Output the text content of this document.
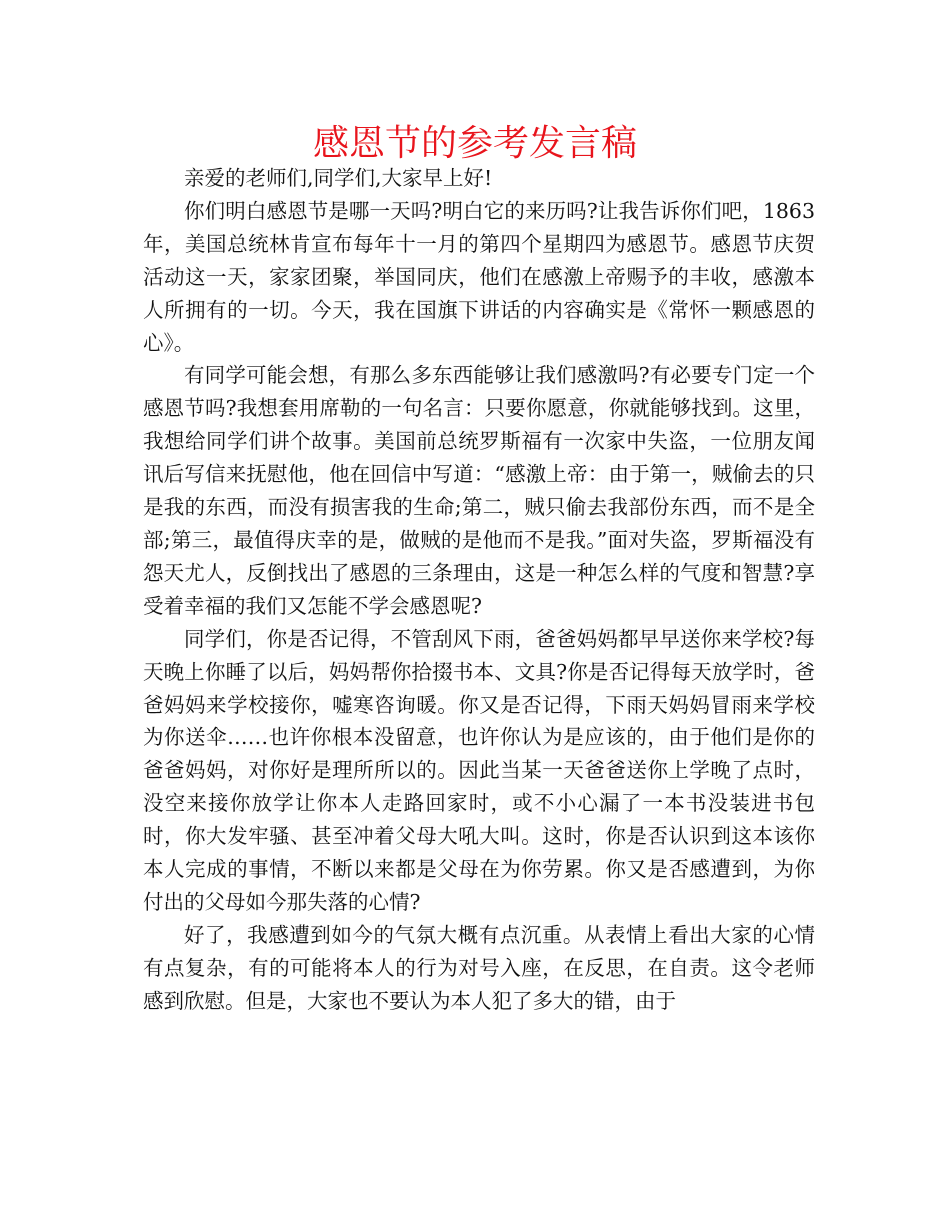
感恩节的参考发言稿

亲爱的老师们,同学们,大家早上好!

你们明白感恩节是哪一天吗?明白它的来历吗?让我告诉你们吧，1863年，美国总统林肯宣布每年十一月的第四个星期四为感恩节。感恩节庆贺活动这一天，家家团聚，举国同庆，他们在感激上帝赐予的丰收，感激本人所拥有的一切。今天，我在国旗下讲话的内容确实是《常怀一颗感恩的心》。

有同学可能会想，有那么多东西能够让我们感激吗?有必要专门定一个感恩节吗?我想套用席勒的一句名言：只要你愿意，你就能够找到。这里，我想给同学们讲个故事。美国前总统罗斯福有一次家中失盗，一位朋友闻讯后写信来抚慰他，他在回信中写道：“感激上帝：由于第一，贼偷去的只是我的东西，而没有损害我的生命;第二，贼只偷去我部份东西，而不是全部;第三，最值得庆幸的是，做贼的是他而不是我。”面对失盗，罗斯福没有怨天尤人，反倒找出了感恩的三条理由，这是一种怎么样的气度和智慧?享受着幸福的我们又怎能不学会感恩呢?

同学们，你是否记得，不管刮风下雨，爸爸妈妈都早早送你来学校?每天晚上你睡了以后，妈妈帮你拾掇书本、文具?你是否记得每天放学时，爸爸妈妈来学校接你，嘘寒咨询暖。你又是否记得，下雨天妈妈冒雨来学校为你送伞……也许你根本没留意，也许你认为是应该的，由于他们是你的爸爸妈妈，对你好是理所所以的。因此当某一天爸爸送你上学晚了点时，没空来接你放学让你本人走路回家时，或不小心漏了一本书没装进书包时，你大发牢骚、甚至冲着父母大吼大叫。这时，你是否认识到这本该你本人完成的事情，不断以来都是父母在为你劳累。你又是否感遭到，为你付出的父母如今那失落的心情?

好了，我感遭到如今的气氛大概有点沉重。从表情上看出大家的心情有点复杂，有的可能将本人的行为对号入座，在反思，在自责。这令老师感到欣慰。但是，大家也不要认为本人犯了多大的错，由于
